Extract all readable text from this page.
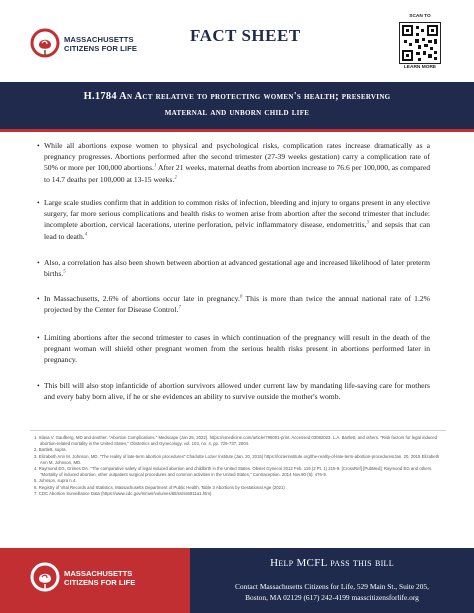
MASSACHUSETTS
CITIZENS FOR LIFE
FACT SHEET
SCAN TO
LEARN MORE
H.1784 An Act relative to protecting women's health; preserving
maternal and unborn child life
• While all abortions expose women to physical and psychological risks, complication rates increase dramatically as a pregnancy progresses. Abortions performed after the second trimester (27-39 weeks gestation) carry a complication rate of 50% or more per 100,000 abortions.$^1$ After 21 weeks, maternal deaths from abortion increase to 76.6 per 100,000, as compared to 14.7 deaths per 100,000 at 13-15 weeks.$^2$
• Large scale studies confirm that in addition to common risks of infection, bleeding and injury to organs present in any elective surgery, far more serious complications and health risks to women arise from abortion after the second trimester that include: incomplete abortion, cervical lacerations, uterine perforation, pelvic inflammatory disease, endometritis,$^3$ and sepsis that can lead to death.$^4$
• Also, a correlation has also been shown between abortion at advanced gestational age and increased likelihood of later preterm births.$^5$
• In Massachusetts, 2.6% of abortions occur late in pregnancy.$^6$ This is more than twice the annual national rate of 1.2% projected by the Center for Disease Control.$^7$
• Limiting abortions after the second trimester to cases in which continuation of the pregnancy will result in the death of the pregnant woman will shield other pregnant women from the serious health risks present in abortions performed later in pregnancy.
• This bill will also stop infanticide of abortion survivors allowed under current law by mandating life-saving care for mothers and every baby born alive, if he or she evidences an ability to survive outside the mother's womb.
1. Slava V. Gaufberg, MD and another. "Abortion Complications." Medscape (Jan 25, 2022). https://emedicine.com/article/795001-print. Accessed 03082023. L.A. Bartlett, and others. "Risk factors for legal induced abortion-related mortality in the United States," Obstetrics and Gynecology, vol. 103, no. 4, pp. 729-737, 2004.
2. Bartlett, supra.
3. Elizabeth Ann M. Johnson, MD. "The reality of late-term abortion procedures" Charlotte Lozier Institute (Jan. 20, 2015) https://lozierinstitute.org/the-reality-of-late-term-abortion-procedures/Jan. 20, 2015 Elizabeth Ann M. Johnson, MD.
4. Raymond EG, Grimes DA. "The comparative safety of legal induced abortion and childbirth in the United States. Obstet Gynecol 2012 Feb. 119 (2 Pt. 1) 215-9. [CrossRef] [PubMed]; Raymond EG and others. "Mortality of induced abortion, other outpatient surgical procedures and common activities in the United States," Contraception. 2014 Nov.90 (5): 476-9.
5. Johnson, supra n.4.
6. Registry of Vital Records and Statistics, Massachusetts Department of Public Health, Table 3 Abortions by Gestational Age (2021)
7. CDC Abortion Surveillance Data (https://www.cdc.gov/mmwr/volumes/68/ss/ss6811a1.htm).
MASSACHUSETTS
CITIZENS FOR LIFE
Help MCFL pass this bill
Contact Massachusetts Citizens for Life, 529 Main St., Suite 205,
Boston, MA 02129 (617) 242-4199 masscitizensforlife.org
